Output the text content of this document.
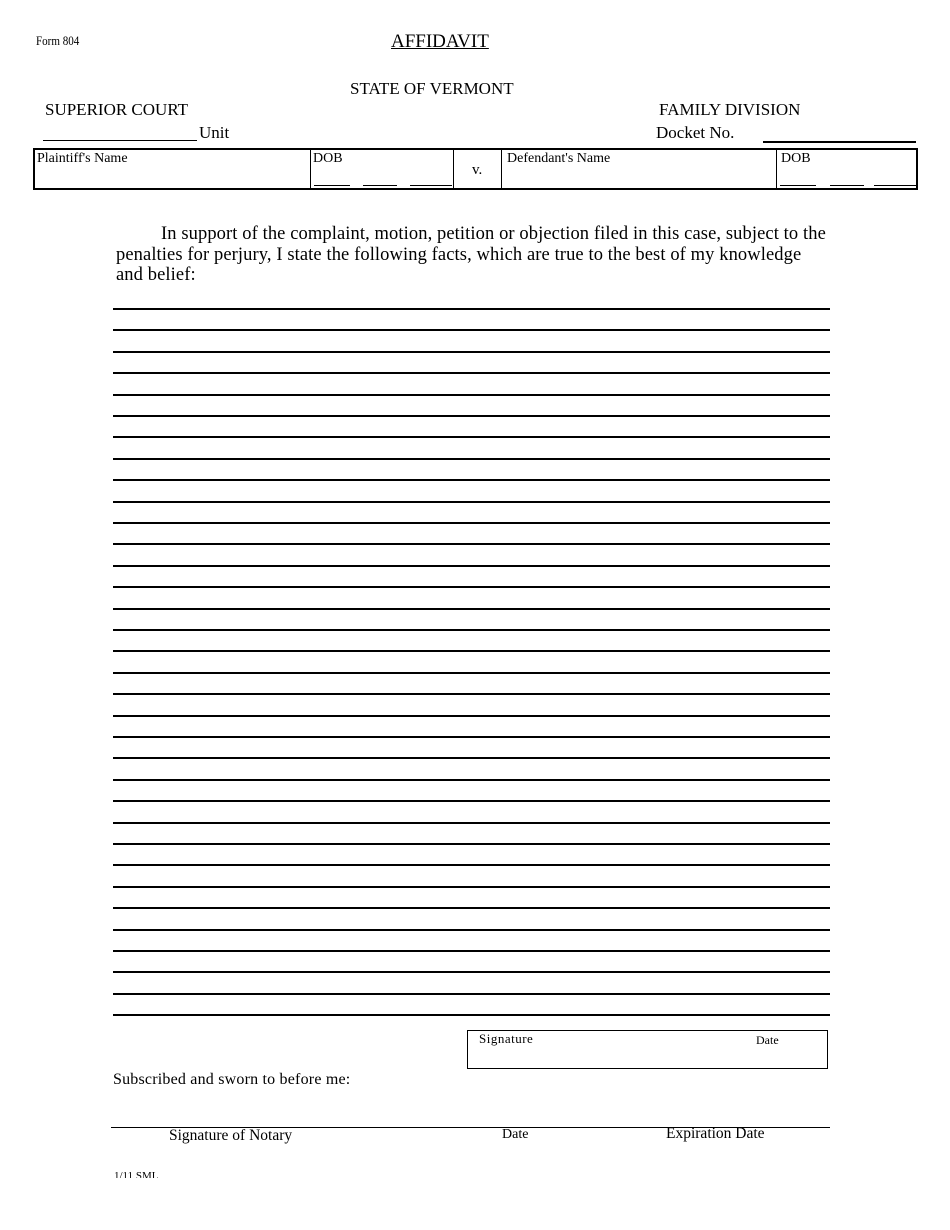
Form 804	AFFIDAVIT
STATE OF VERMONT
SUPERIOR COURT	FAMILY DIVISION
Unit	Docket No.
Plaintiff's Name	DOB
v.
Defendant's Name	DOB
In support of the complaint, motion, petition or objection filed in this case, subject to the penalties for perjury, I state the following facts, which are true to the best of my knowledge and belief:
Signature	Date
Subscribed and sworn to before me:
Signature of Notary	Date	Expiration Date
1/11 SML
